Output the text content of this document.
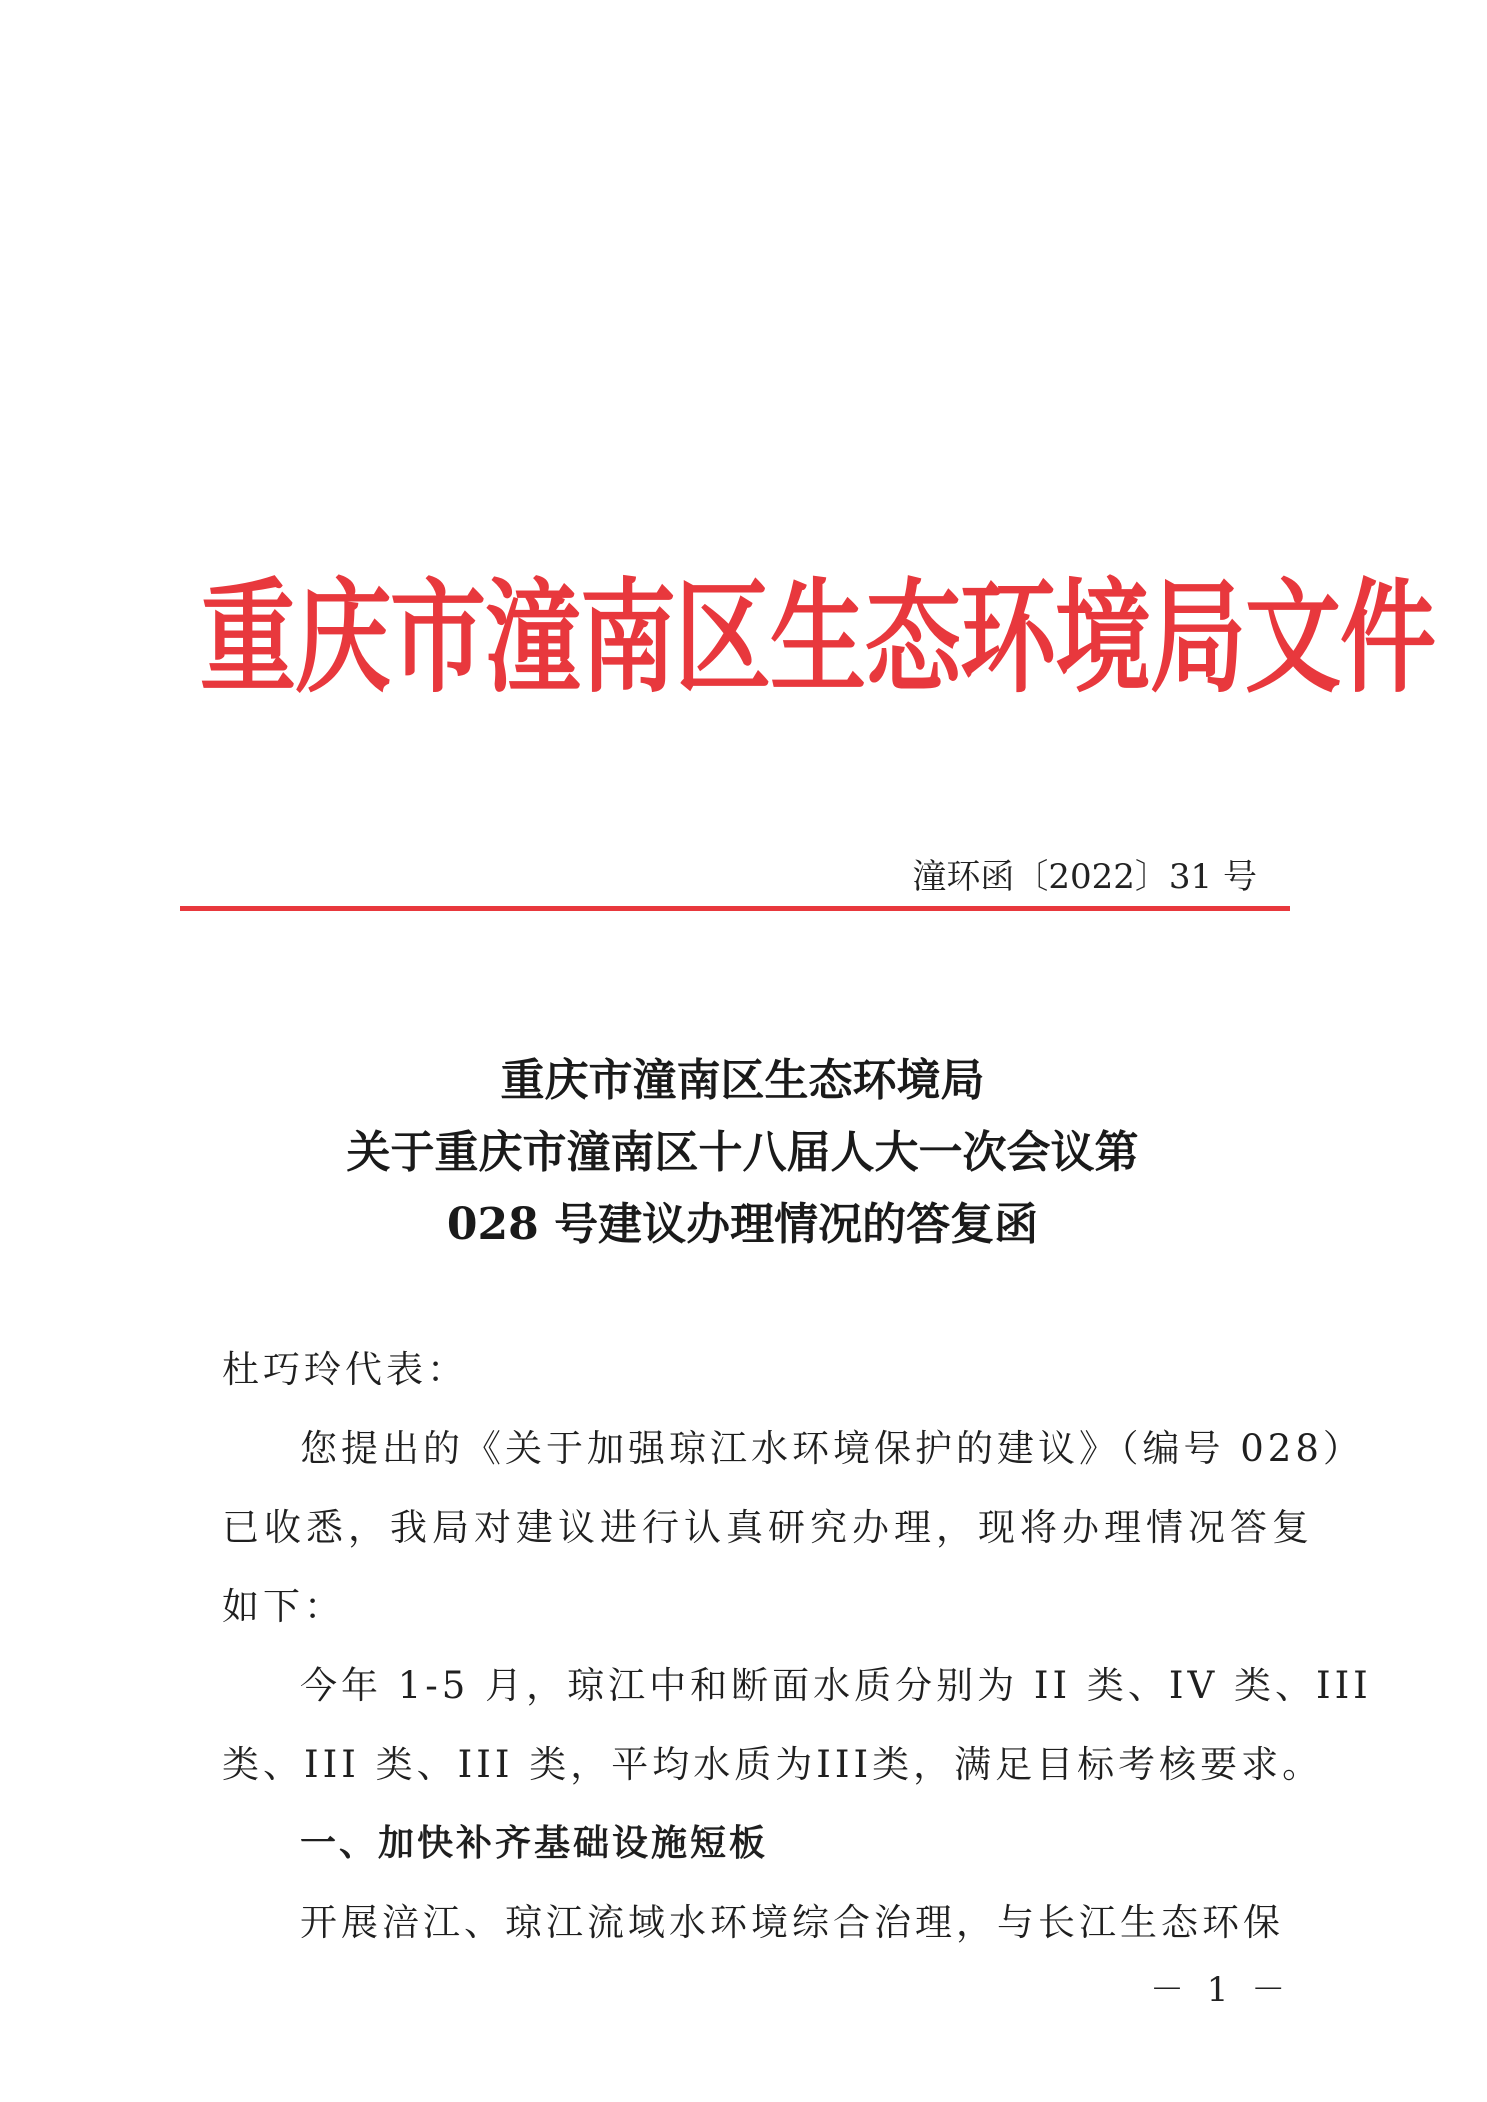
重庆市潼南区生态环境局文件
潼环函〔2022〕31 号
重庆市潼南区生态环境局
关于重庆市潼南区十八届人大一次会议第
028 号建议办理情况的答复函

杜巧玲代表：

您提出的《关于加强琼江水环境保护的建议》（编号 028）

已收悉，我局对建议进行认真研究办理，现将办理情况答复

如下：

今年 1-5 月，琼江中和断面水质分别为 II 类、IV 类、III

类、III 类、III 类，平均水质为III类，满足目标考核要求。

一、加快补齐基础设施短板

开展涪江、琼江流域水环境综合治理，与长江生态环保

－ 1 －
